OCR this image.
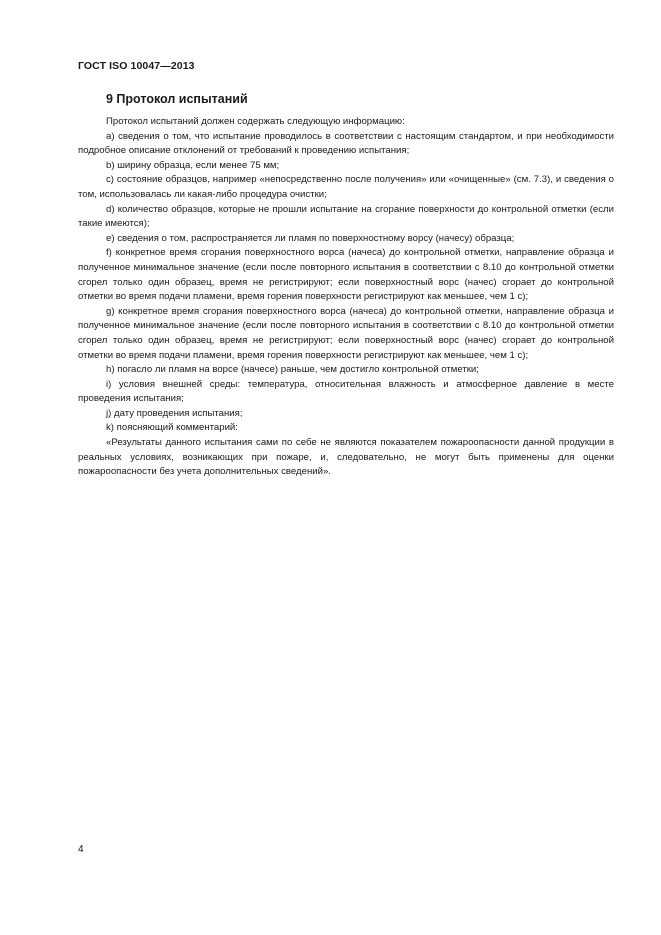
ГОСТ ISO 10047—2013
9 Протокол испытаний

Протокол испытаний должен содержать следующую информацию:

а) сведения о том, что испытание проводилось в соответствии с настоящим стандартом, и при необходимости подробное описание отклонений от требований к проведению испытания;

b) ширину образца, если менее 75 мм;

c) состояние образцов, например «непосредственно после получения» или «очищенные» (см. 7.3), и сведения о том, использовалась ли какая-либо процедура очистки;

d) количество образцов, которые не прошли испытание на сгорание поверхности до контрольной отметки (если такие имеются);

e) сведения о том, распространяется ли пламя по поверхностному ворсу (начесу) образца;

f) конкретное время сгорания поверхностного ворса (начеса) до контрольной отметки, направление образца и полученное минимальное значение (если после повторного испытания в соответствии с 8.10 до контрольной отметки сгорел только один образец, время не регистрируют; если поверхностный ворс (начес) сгорает до контрольной отметки во время подачи пламени, время горения поверхности регистрируют как меньшее, чем 1 с);

g) конкретное время сгорания поверхностного ворса (начеса) до контрольной отметки, направление образца и полученное минимальное значение (если после повторного испытания в соответствии с 8.10 до контрольной отметки сгорел только один образец, время не регистрируют; если поверхностный ворс (начес) сгорает до контрольной отметки во время подачи пламени, время горения поверхности регистрируют как меньшее, чем 1 с);

h) погасло ли пламя на ворсе (начесе) раньше, чем достигло контрольной отметки;

i) условия внешней среды: температура, относительная влажность и атмосферное давление в месте проведения испытания;

j) дату проведения испытания;

k) поясняющий комментарий:

«Результаты данного испытания сами по себе не являются показателем пожароопасности данной продукции в реальных условиях, возникающих при пожаре, и, следовательно, не могут быть применены для оценки пожароопасности без учета дополнительных сведений».

4
